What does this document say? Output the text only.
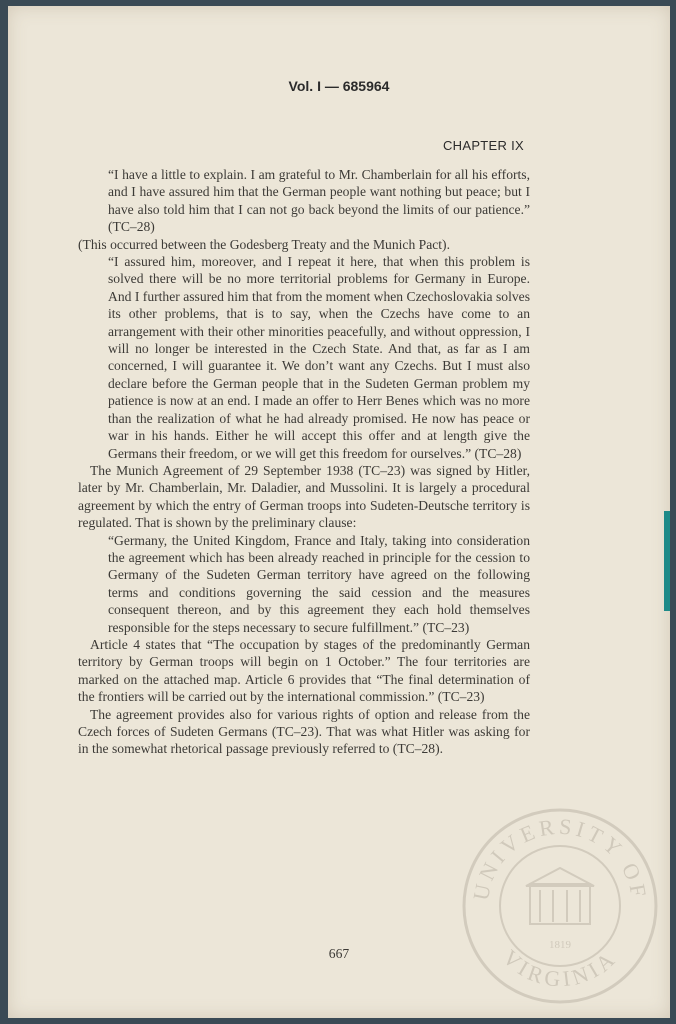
Vol. I — 685964
CHAPTER IX

“I have a little to explain. I am grateful to Mr. Chamberlain for all his efforts, and I have assured him that the German people want nothing but peace; but I have also told him that I can not go back beyond the limits of our patience.” (TC–28)

(This occurred between the Godesberg Treaty and the Munich Pact).

“I assured him, moreover, and I repeat it here, that when this problem is solved there will be no more territorial problems for Germany in Europe. And I further assured him that from the moment when Czechoslovakia solves its other problems, that is to say, when the Czechs have come to an arrangement with their other minorities peacefully, and without oppression, I will no longer be interested in the Czech State. And that, as far as I am concerned, I will guarantee it. We don’t want any Czechs. But I must also declare before the German people that in the Sudeten German problem my patience is now at an end. I made an offer to Herr Benes which was no more than the realization of what he had already promised. He now has peace or war in his hands. Either he will accept this offer and at length give the Germans their freedom, or we will get this freedom for ourselves.” (TC–28)

The Munich Agreement of 29 September 1938 (TC–23) was signed by Hitler, later by Mr. Chamberlain, Mr. Daladier, and Mussolini. It is largely a procedural agreement by which the entry of German troops into Sudeten-Deutsche territory is regulated. That is shown by the preliminary clause:

“Germany, the United Kingdom, France and Italy, taking into consideration the agreement which has been already reached in principle for the cession to Germany of the Sudeten German territory have agreed on the following terms and conditions governing the said cession and the measures consequent thereon, and by this agreement they each hold themselves responsible for the steps necessary to secure fulfillment.” (TC–23)

Article 4 states that “The occupation by stages of the predominantly German territory by German troops will begin on 1 October.” The four territories are marked on the attached map. Article 6 provides that “The final determination of the frontiers will be carried out by the international commission.” (TC–23)

The agreement provides also for various rights of option and release from the Czech forces of Sudeten Germans (TC–23). That was what Hitler was asking for in the somewhat rhetorical passage previously referred to (TC–28).

667
UNIVERSITY OF
VIRGINIA
1819
